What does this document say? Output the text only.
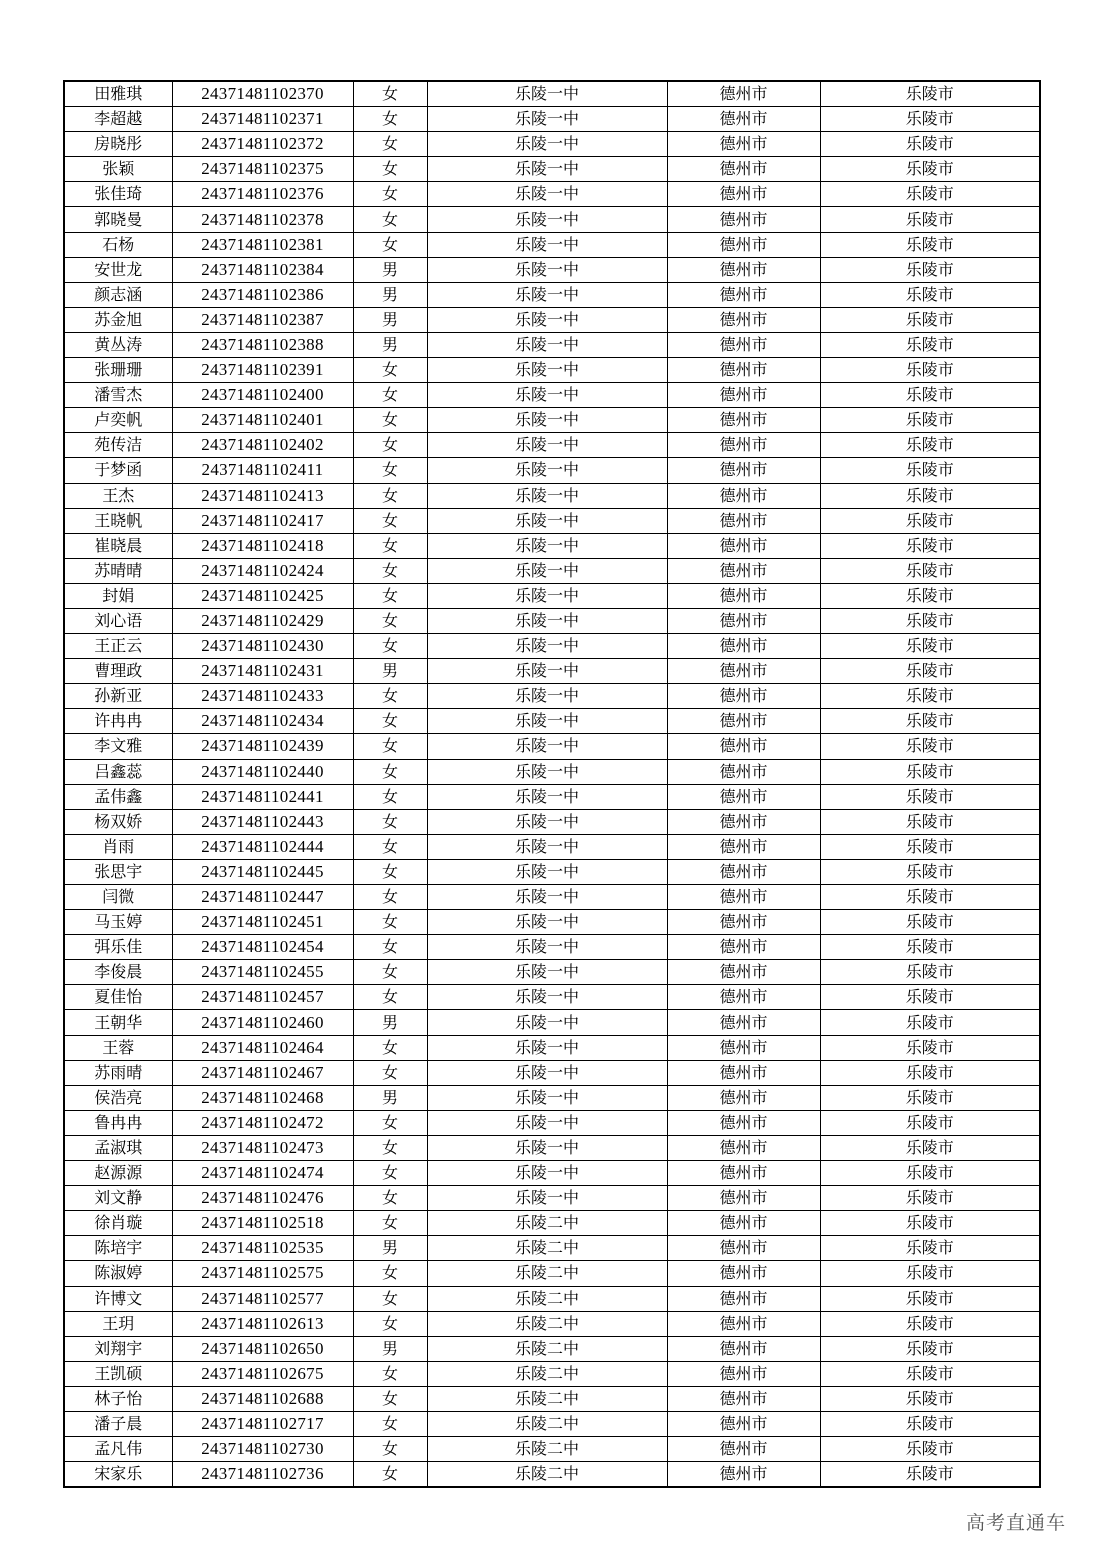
田雅琪	24371481102370	女	乐陵一中	德州市	乐陵市
李超越	24371481102371	女	乐陵一中	德州市	乐陵市
房晓彤	24371481102372	女	乐陵一中	德州市	乐陵市
张颖	24371481102375	女	乐陵一中	德州市	乐陵市
张佳琦	24371481102376	女	乐陵一中	德州市	乐陵市
郭晓曼	24371481102378	女	乐陵一中	德州市	乐陵市
石杨	24371481102381	女	乐陵一中	德州市	乐陵市
安世龙	24371481102384	男	乐陵一中	德州市	乐陵市
颜志涵	24371481102386	男	乐陵一中	德州市	乐陵市
苏金旭	24371481102387	男	乐陵一中	德州市	乐陵市
黄丛涛	24371481102388	男	乐陵一中	德州市	乐陵市
张珊珊	24371481102391	女	乐陵一中	德州市	乐陵市
潘雪杰	24371481102400	女	乐陵一中	德州市	乐陵市
卢奕帆	24371481102401	女	乐陵一中	德州市	乐陵市
苑传洁	24371481102402	女	乐陵一中	德州市	乐陵市
于梦函	24371481102411	女	乐陵一中	德州市	乐陵市
王杰	24371481102413	女	乐陵一中	德州市	乐陵市
王晓帆	24371481102417	女	乐陵一中	德州市	乐陵市
崔晓晨	24371481102418	女	乐陵一中	德州市	乐陵市
苏晴晴	24371481102424	女	乐陵一中	德州市	乐陵市
封娟	24371481102425	女	乐陵一中	德州市	乐陵市
刘心语	24371481102429	女	乐陵一中	德州市	乐陵市
王正云	24371481102430	女	乐陵一中	德州市	乐陵市
曹理政	24371481102431	男	乐陵一中	德州市	乐陵市
孙新亚	24371481102433	女	乐陵一中	德州市	乐陵市
许冉冉	24371481102434	女	乐陵一中	德州市	乐陵市
李文雅	24371481102439	女	乐陵一中	德州市	乐陵市
吕鑫蕊	24371481102440	女	乐陵一中	德州市	乐陵市
孟伟鑫	24371481102441	女	乐陵一中	德州市	乐陵市
杨双娇	24371481102443	女	乐陵一中	德州市	乐陵市
肖雨	24371481102444	女	乐陵一中	德州市	乐陵市
张思宇	24371481102445	女	乐陵一中	德州市	乐陵市
闫微	24371481102447	女	乐陵一中	德州市	乐陵市
马玉婷	24371481102451	女	乐陵一中	德州市	乐陵市
弭乐佳	24371481102454	女	乐陵一中	德州市	乐陵市
李俊晨	24371481102455	女	乐陵一中	德州市	乐陵市
夏佳怡	24371481102457	女	乐陵一中	德州市	乐陵市
王朝华	24371481102460	男	乐陵一中	德州市	乐陵市
王蓉	24371481102464	女	乐陵一中	德州市	乐陵市
苏雨晴	24371481102467	女	乐陵一中	德州市	乐陵市
侯浩亮	24371481102468	男	乐陵一中	德州市	乐陵市
鲁冉冉	24371481102472	女	乐陵一中	德州市	乐陵市
孟淑琪	24371481102473	女	乐陵一中	德州市	乐陵市
赵源源	24371481102474	女	乐陵一中	德州市	乐陵市
刘文静	24371481102476	女	乐陵一中	德州市	乐陵市
徐肖璇	24371481102518	女	乐陵二中	德州市	乐陵市
陈培宇	24371481102535	男	乐陵二中	德州市	乐陵市
陈淑婷	24371481102575	女	乐陵二中	德州市	乐陵市
许博文	24371481102577	女	乐陵二中	德州市	乐陵市
王玥	24371481102613	女	乐陵二中	德州市	乐陵市
刘翔宇	24371481102650	男	乐陵二中	德州市	乐陵市
王凯硕	24371481102675	女	乐陵二中	德州市	乐陵市
林子怡	24371481102688	女	乐陵二中	德州市	乐陵市
潘子晨	24371481102717	女	乐陵二中	德州市	乐陵市
孟凡伟	24371481102730	女	乐陵二中	德州市	乐陵市
宋家乐	24371481102736	女	乐陵二中	德州市	乐陵市
高考直通车
